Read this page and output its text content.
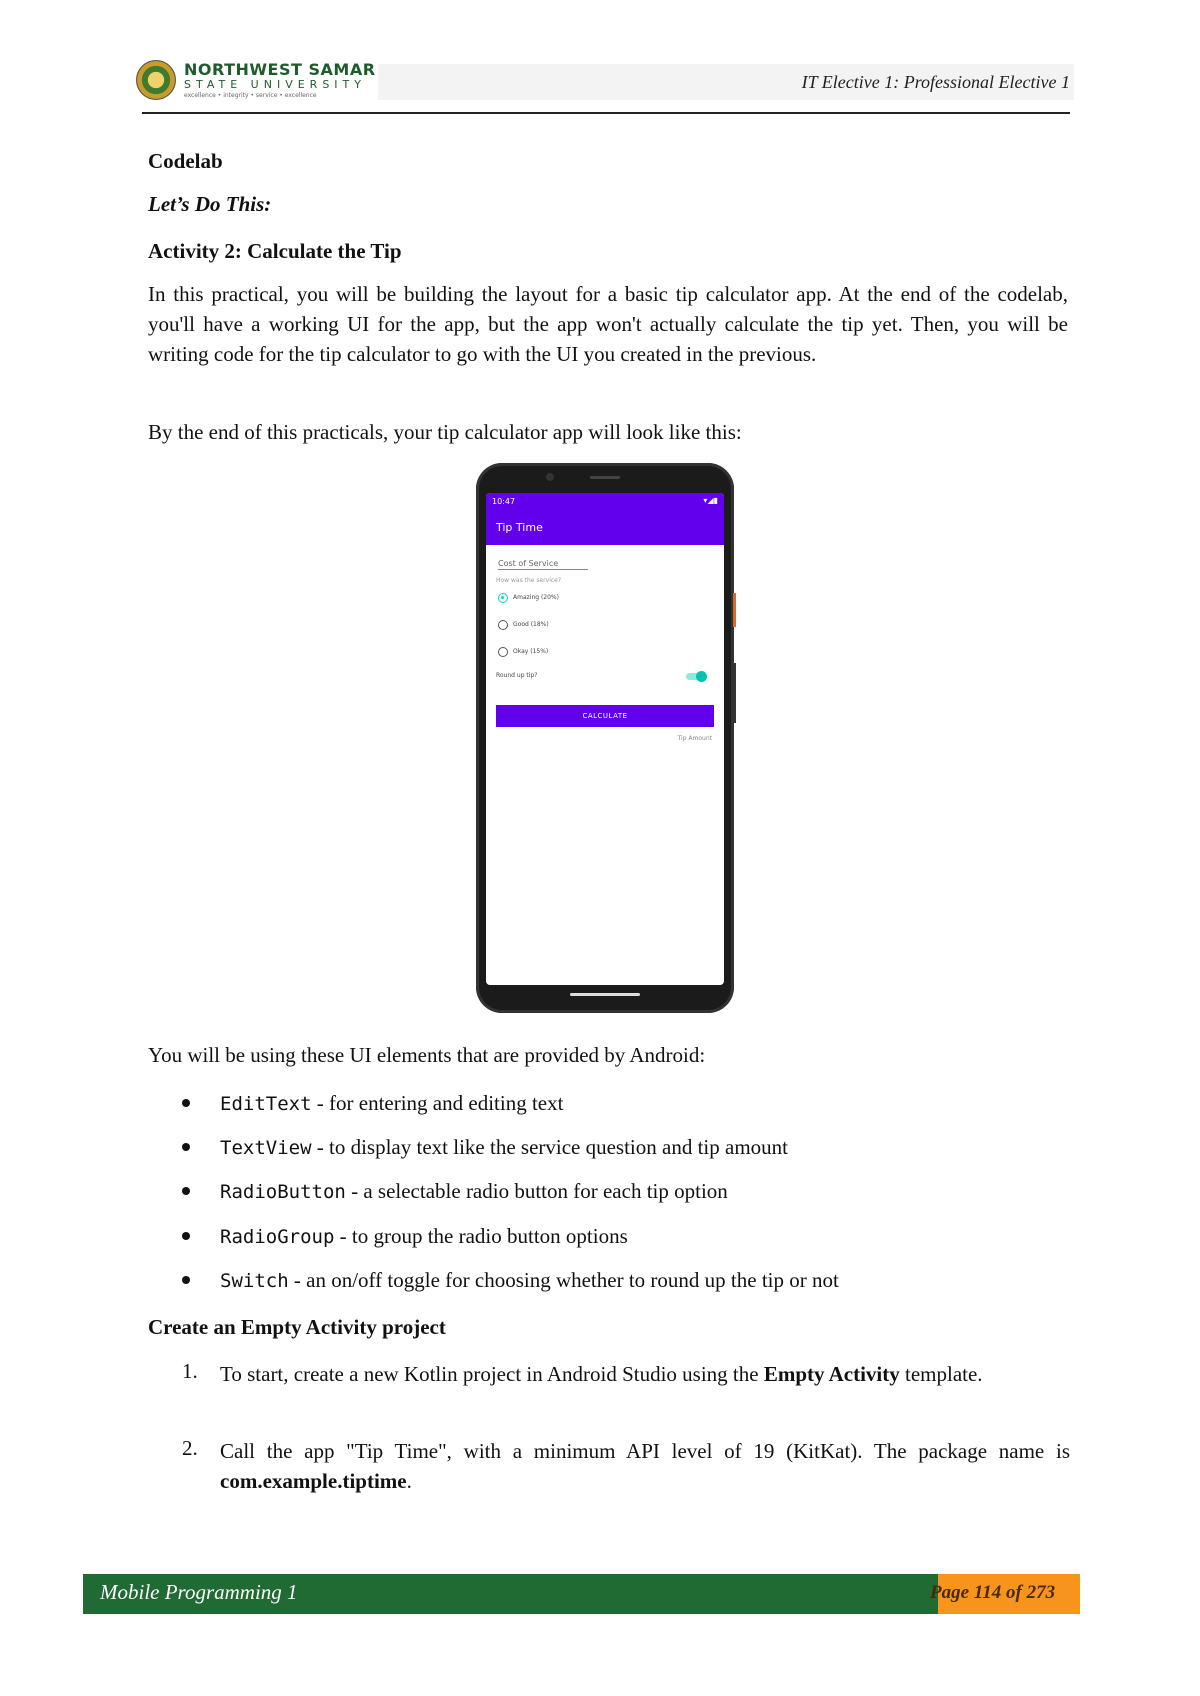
NORTHWEST SAMAR
STATE UNIVERSITY
excellence • integrity • service • excellence
IT Elective 1: Professional Elective 1
Codelab
Let’s Do This:
Activity 2: Calculate the Tip
In this practical, you will be building the layout for a basic tip calculator app. At the end of the codelab, you'll have a working UI for the app, but the app won't actually calculate the tip yet. Then, you will be writing code for the tip calculator to go with the UI you created in the previous.
By the end of this practicals, your tip calculator app will look like this:
10:47	▾◢▮
Tip Time
Cost of Service
How was the service?
Amazing (20%)
Good (18%)
Okay (15%)
Round up tip?
CALCULATE
Tip Amount
You will be using these UI elements that are provided by Android:
EditText - for entering and editing text
TextView - to display text like the service question and tip amount
RadioButton - a selectable radio button for each tip option
RadioGroup - to group the radio button options
Switch - an on/off toggle for choosing whether to round up the tip or not
Create an Empty Activity project
1. To start, create a new Kotlin project in Android Studio using the Empty Activity template.
2. Call the app "Tip Time", with a minimum API level of 19 (KitKat). The package name is com.example.tiptime.
Mobile Programming 1	Page 114 of 273
